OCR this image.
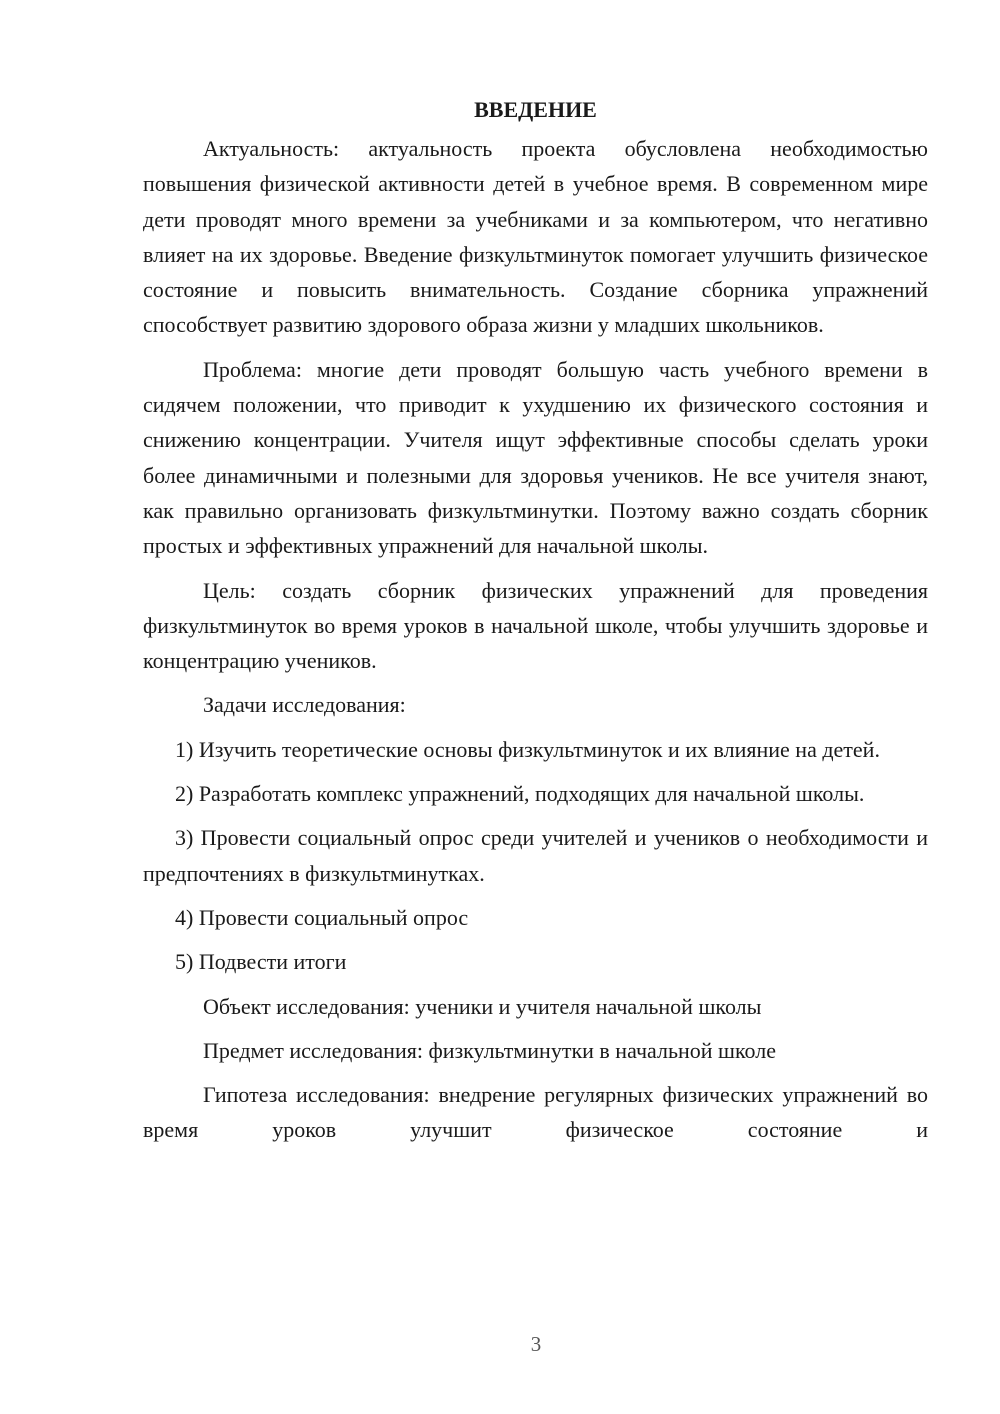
ВВЕДЕНИЕ

Актуальность: актуальность проекта обусловлена необходимостью повышения физической активности детей в учебное время. В современном мире дети проводят много времени за учебниками и за компьютером, что негативно влияет на их здоровье. Введение физкультминуток помогает улучшить физическое состояние и повысить внимательность. Создание сборника упражнений способствует развитию здорового образа жизни у младших школьников.

Проблема: многие дети проводят большую часть учебного времени в сидячем положении, что приводит к ухудшению их физического состояния и снижению концентрации. Учителя ищут эффективные способы сделать уроки более динамичными и полезными для здоровья учеников. Не все учителя знают, как правильно организовать физкультминутки. Поэтому важно создать сборник простых и эффективных упражнений для начальной школы.

Цель: создать сборник физических упражнений для проведения физкультминуток во время уроков в начальной школе, чтобы улучшить здоровье и концентрацию учеников.

Задачи исследования:

1) Изучить теоретические основы физкультминуток и их влияние на детей.

2) Разработать комплекс упражнений, подходящих для начальной школы.

3) Провести социальный опрос среди учителей и учеников о необходимости и предпочтениях в физкультминутках.

4) Провести социальный опрос

5) Подвести итоги

Объект исследования: ученики и учителя начальной школы

Предмет исследования: физкультминутки в начальной школе

Гипотеза исследования: внедрение регулярных физических упражнений во время уроков улучшит физическое состояние и

3
